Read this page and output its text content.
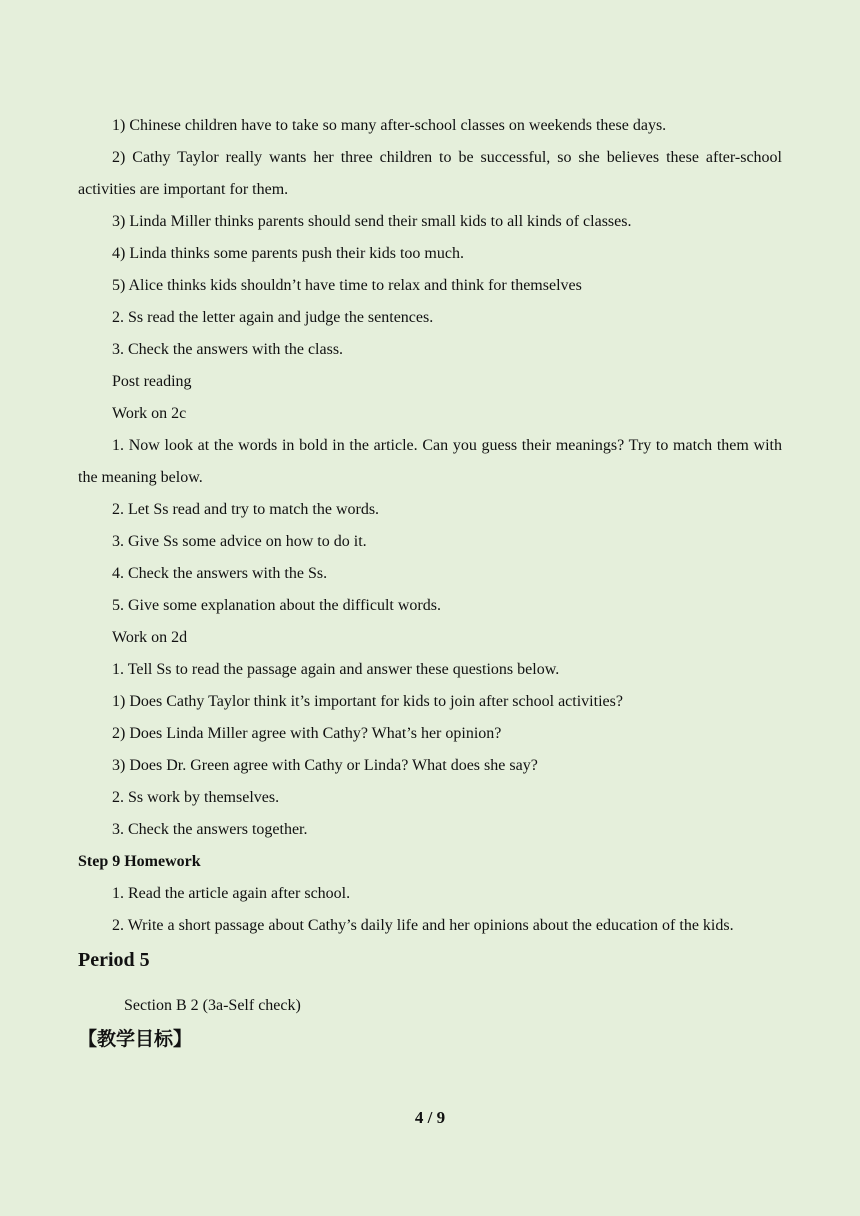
1) Chinese children have to take so many after-school classes on weekends these days.

2) Cathy Taylor really wants her three children to be successful, so she believes these after-school activities are important for them.

3) Linda Miller thinks parents should send their small kids to all kinds of classes.

4) Linda thinks some parents push their kids too much.

5) Alice thinks kids shouldn’t have time to relax and think for themselves

2. Ss read the letter again and judge the sentences.

3. Check the answers with the class.

Post reading

Work on 2c

1. Now look at the words in bold in the article. Can you guess their meanings? Try to match them with the meaning below.

2. Let Ss read and try to match the words.

3. Give Ss some advice on how to do it.

4. Check the answers with the Ss.

5. Give some explanation about the difficult words.

Work on 2d

1. Tell Ss to read the passage again and answer these questions below.

1) Does Cathy Taylor think it’s important for kids to join after school activities?

2) Does Linda Miller agree with Cathy? What’s her opinion?

3) Does Dr. Green agree with Cathy or Linda? What does she say?

2. Ss work by themselves.

3. Check the answers together.

Step 9 Homework

1. Read the article again after school.

2. Write a short passage about Cathy’s daily life and her opinions about the education of the kids.

Period 5

Section B 2 (3a-Self check)

【教学目标】

4 / 9
